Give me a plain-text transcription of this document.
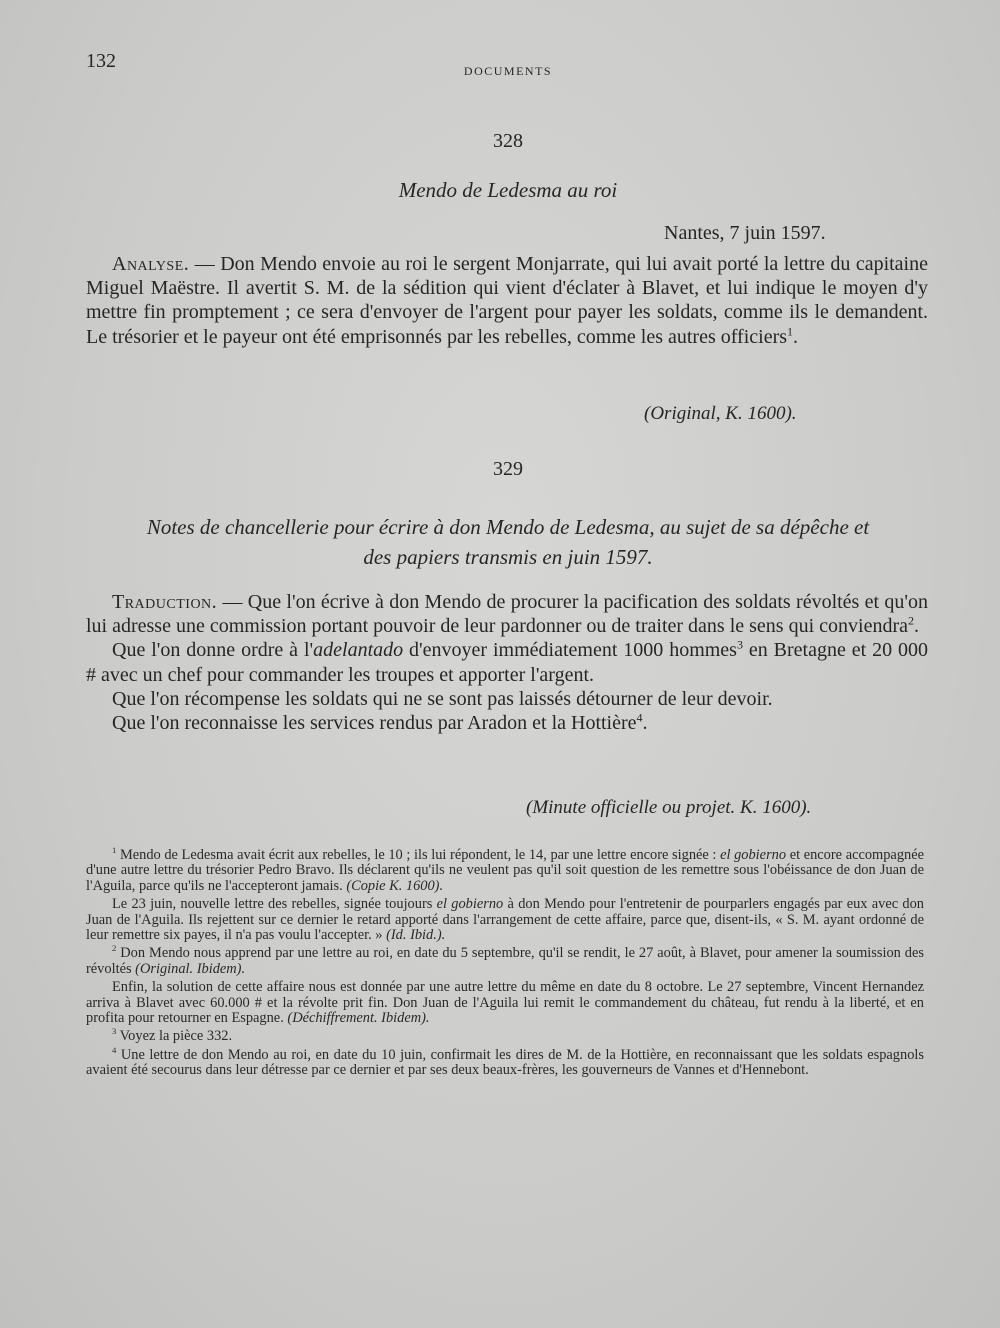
132	DOCUMENTS
328
Mendo de Ledesma au roi
Nantes, 7 juin 1597.

Analyse. — Don Mendo envoie au roi le sergent Monjarrate, qui lui avait porté la lettre du capitaine Miguel Maëstre. Il avertit S. M. de la sédition qui vient d'éclater à Blavet, et lui indique le moyen d'y mettre fin promptement ; ce sera d'envoyer de l'argent pour payer les soldats, comme ils le demandent. Le trésorier et le payeur ont été emprisonnés par les rebelles, comme les autres officiers$^1$.

(Original, K. 1600).
329
Notes de chancellerie pour écrire à don Mendo de Ledesma, au sujet de sa dépêche et
des papiers transmis en juin 1597.

Traduction. — Que l'on écrive à don Mendo de procurer la pacification des soldats révoltés et qu'on lui adresse une commission portant pouvoir de leur pardonner ou de traiter dans le sens qui conviendra$^2$.

Que l'on donne ordre à l'adelantado d'envoyer immédiatement 1000 hommes$^3$ en Bretagne et 20 000 # avec un chef pour commander les troupes et apporter l'argent.

Que l'on récompense les soldats qui ne se sont pas laissés détourner de leur devoir.

Que l'on reconnaisse les services rendus par Aradon et la Hottière$^4$.

(Minute officielle ou projet. K. 1600).

$^1$ Mendo de Ledesma avait écrit aux rebelles, le 10 ; ils lui répondent, le 14, par une lettre encore signée : el gobierno et encore accompagnée d'une autre lettre du trésorier Pedro Bravo. Ils déclarent qu'ils ne veulent pas qu'il soit question de les remettre sous l'obéissance de don Juan de l'Aguila, parce qu'ils ne l'accepteront jamais. (Copie K. 1600).

Le 23 juin, nouvelle lettre des rebelles, signée toujours el gobierno à don Mendo pour l'entretenir de pourparlers engagés par eux avec don Juan de l'Aguila. Ils rejettent sur ce dernier le retard apporté dans l'arrangement de cette affaire, parce que, disent-ils, « S. M. ayant ordonné de leur remettre six payes, il n'a pas voulu l'accepter. » (Id. Ibid.).

$^2$ Don Mendo nous apprend par une lettre au roi, en date du 5 septembre, qu'il se rendit, le 27 août, à Blavet, pour amener la soumission des révoltés (Original. Ibidem).

Enfin, la solution de cette affaire nous est donnée par une autre lettre du même en date du 8 octobre. Le 27 septembre, Vincent Hernandez arriva à Blavet avec 60.000 # et la révolte prit fin. Don Juan de l'Aguila lui remit le commandement du château, fut rendu à la liberté, et en profita pour retourner en Espagne. (Déchiffrement. Ibidem).

$^3$ Voyez la pièce 332.

$^4$ Une lettre de don Mendo au roi, en date du 10 juin, confirmait les dires de M. de la Hottière, en reconnaissant que les soldats espagnols avaient été secourus dans leur détresse par ce dernier et par ses deux beaux-frères, les gouverneurs de Vannes et d'Hennebont.
